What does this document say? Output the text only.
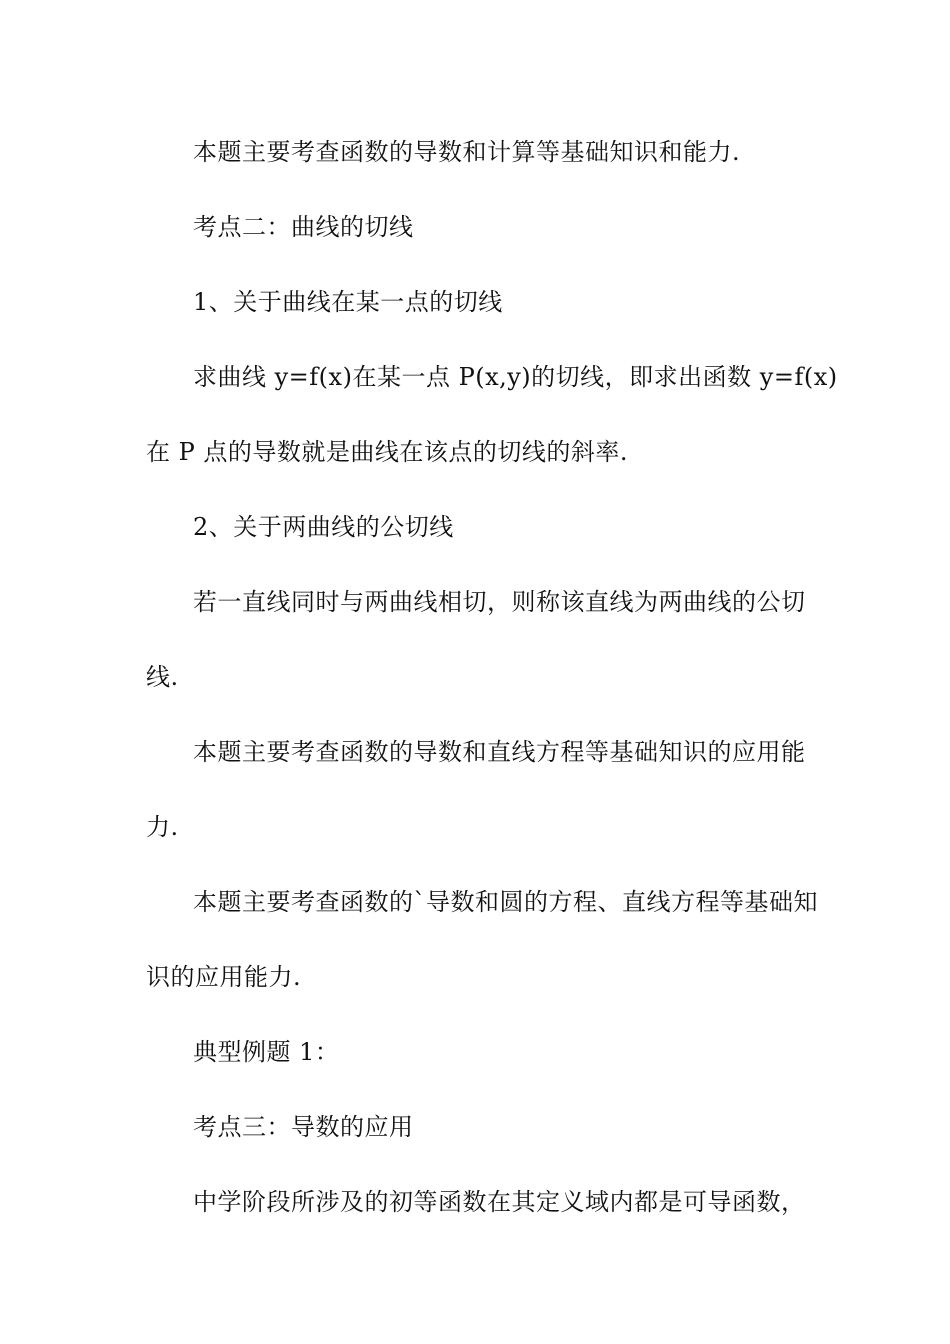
本题主要考查函数的导数和计算等基础知识和能力.
考点二：曲线的切线
1、关于曲线在某一点的切线
求曲线 y=f(x)在某一点 P(x,y)的切线，即求出函数 y=f(x)
在 P 点的导数就是曲线在该点的切线的斜率.
2、关于两曲线的公切线
若一直线同时与两曲线相切，则称该直线为两曲线的公切
线.
本题主要考查函数的导数和直线方程等基础知识的应用能
力.
本题主要考查函数的`导数和圆的方程、直线方程等基础知
识的应用能力.
典型例题 1：
考点三：导数的应用
中学阶段所涉及的初等函数在其定义域内都是可导函数，
